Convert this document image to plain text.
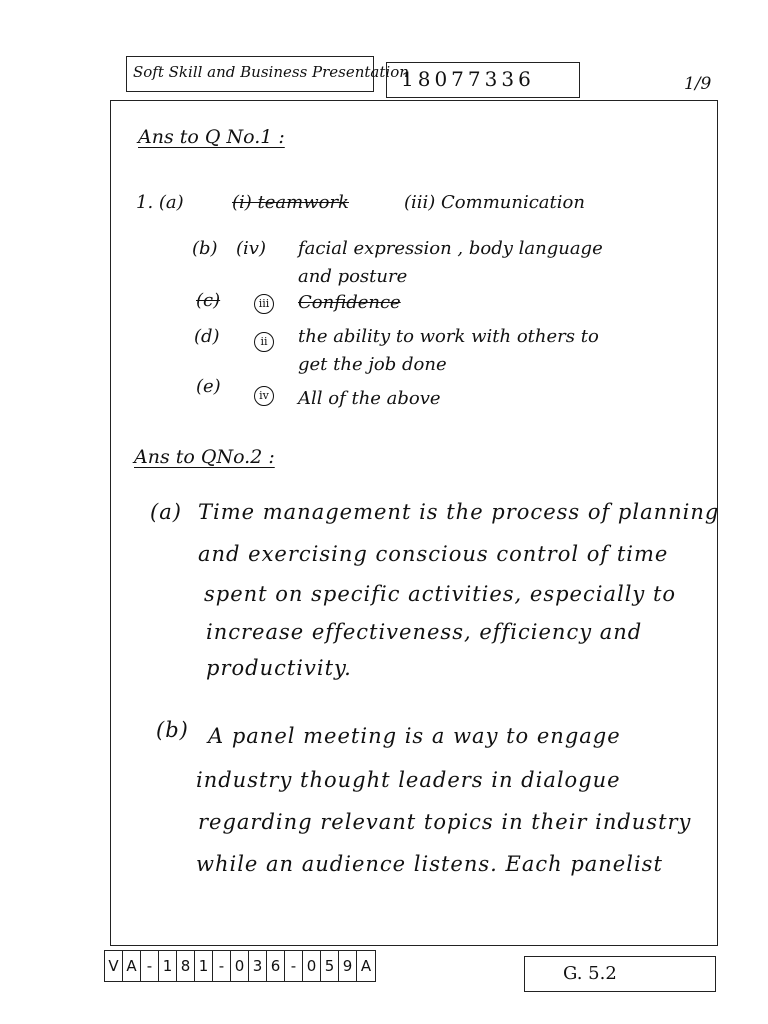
Soft Skill and Business Presentation
18077336	1/9
Ans to Q No.1 :
1. (a)	(i) teamwork	(iii) Communication
(b) (iv) facial expression , body language
and posture
(c)	iii Confidence
(d)	ii	the ability to work with others to
get the job done
(e)	iv All of the above
Ans to QNo.2 :
(a) Time management is the process of planning
and exercising conscious control of time
spent on specific activities, especially to
increase effectiveness, efficiency and
productivity.
(b) A panel meeting is a way to engage
industry thought leaders in dialogue
regarding relevant topics in their industry
while an audience listens. Each panelist
V A - 1 8 1 - 0 3 6 - 0 5 9 A	G. 5.2
